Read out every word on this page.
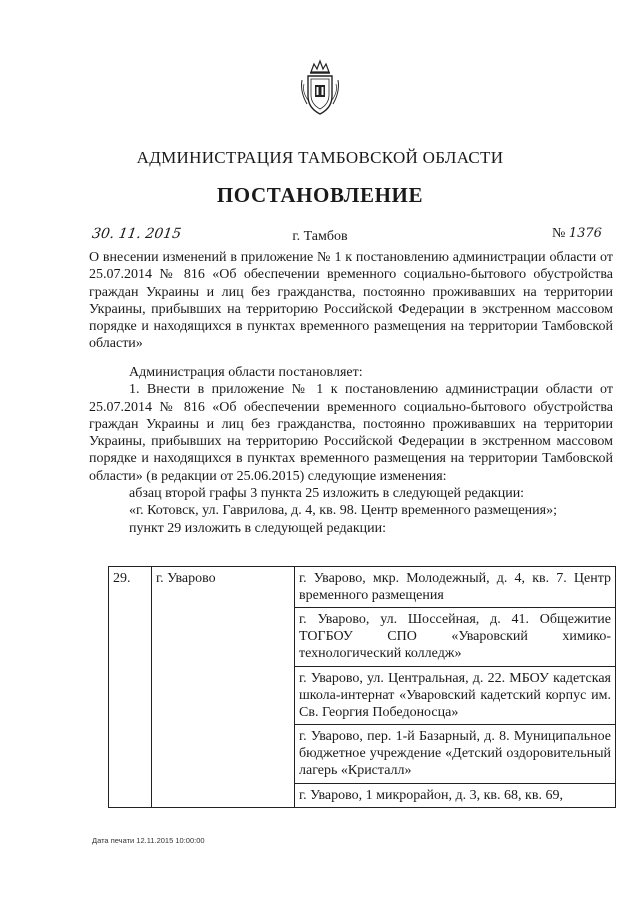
АДМИНИСТРАЦИЯ ТАМБОВСКОЙ ОБЛАСТИ
ПОСТАНОВЛЕНИЕ
30. 11. 2015	г. Тамбов	№ 1376
О внесении изменений в приложение № 1 к постановлению администрации области от 25.07.2014 № 816 «Об обеспечении временного социально-бытового обустройства граждан Украины и лиц без гражданства, постоянно проживавших на территории Украины, прибывших на территорию Российской Федерации в экстренном массовом порядке и находящихся в пунктах временного размещения на территории Тамбовской области»

Администрация области постановляет:

1. Внести в приложение № 1 к постановлению администрации области от 25.07.2014 № 816 «Об обеспечении временного социально-бытового обустройства граждан Украины и лиц без гражданства, постоянно проживавших на территории Украины, прибывших на территорию Российской Федерации в экстренном массовом порядке и находящихся в пунктах временного размещения на территории Тамбовской области» (в редакции от 25.06.2015) следующие изменения:

абзац второй графы 3 пункта 25 изложить в следующей редакции:

«г. Котовск, ул. Гаврилова, д. 4, кв. 98. Центр временного размещения»;

пункт 29 изложить в следующей редакции:

29.	г. Уварово	г. Уварово, мкр. Молодежный, д. 4, кв. 7. Центр временного размещения
г. Уварово, ул. Шоссейная, д. 41. Общежитие ТОГБОУ СПО «Уваровский химико-технологический колледж»
г. Уварово, ул. Центральная, д. 22. МБОУ кадетская школа-интернат «Уваровский кадетский корпус им. Св. Георгия Победоносца»
г. Уварово, пер. 1-й Базарный, д. 8. Муниципальное бюджетное учреждение «Детский оздоровительный лагерь «Кристалл»
г. Уварово, 1 микрорайон, д. 3, кв. 68, кв. 69,
Дата печати 12.11.2015 10:00:00
